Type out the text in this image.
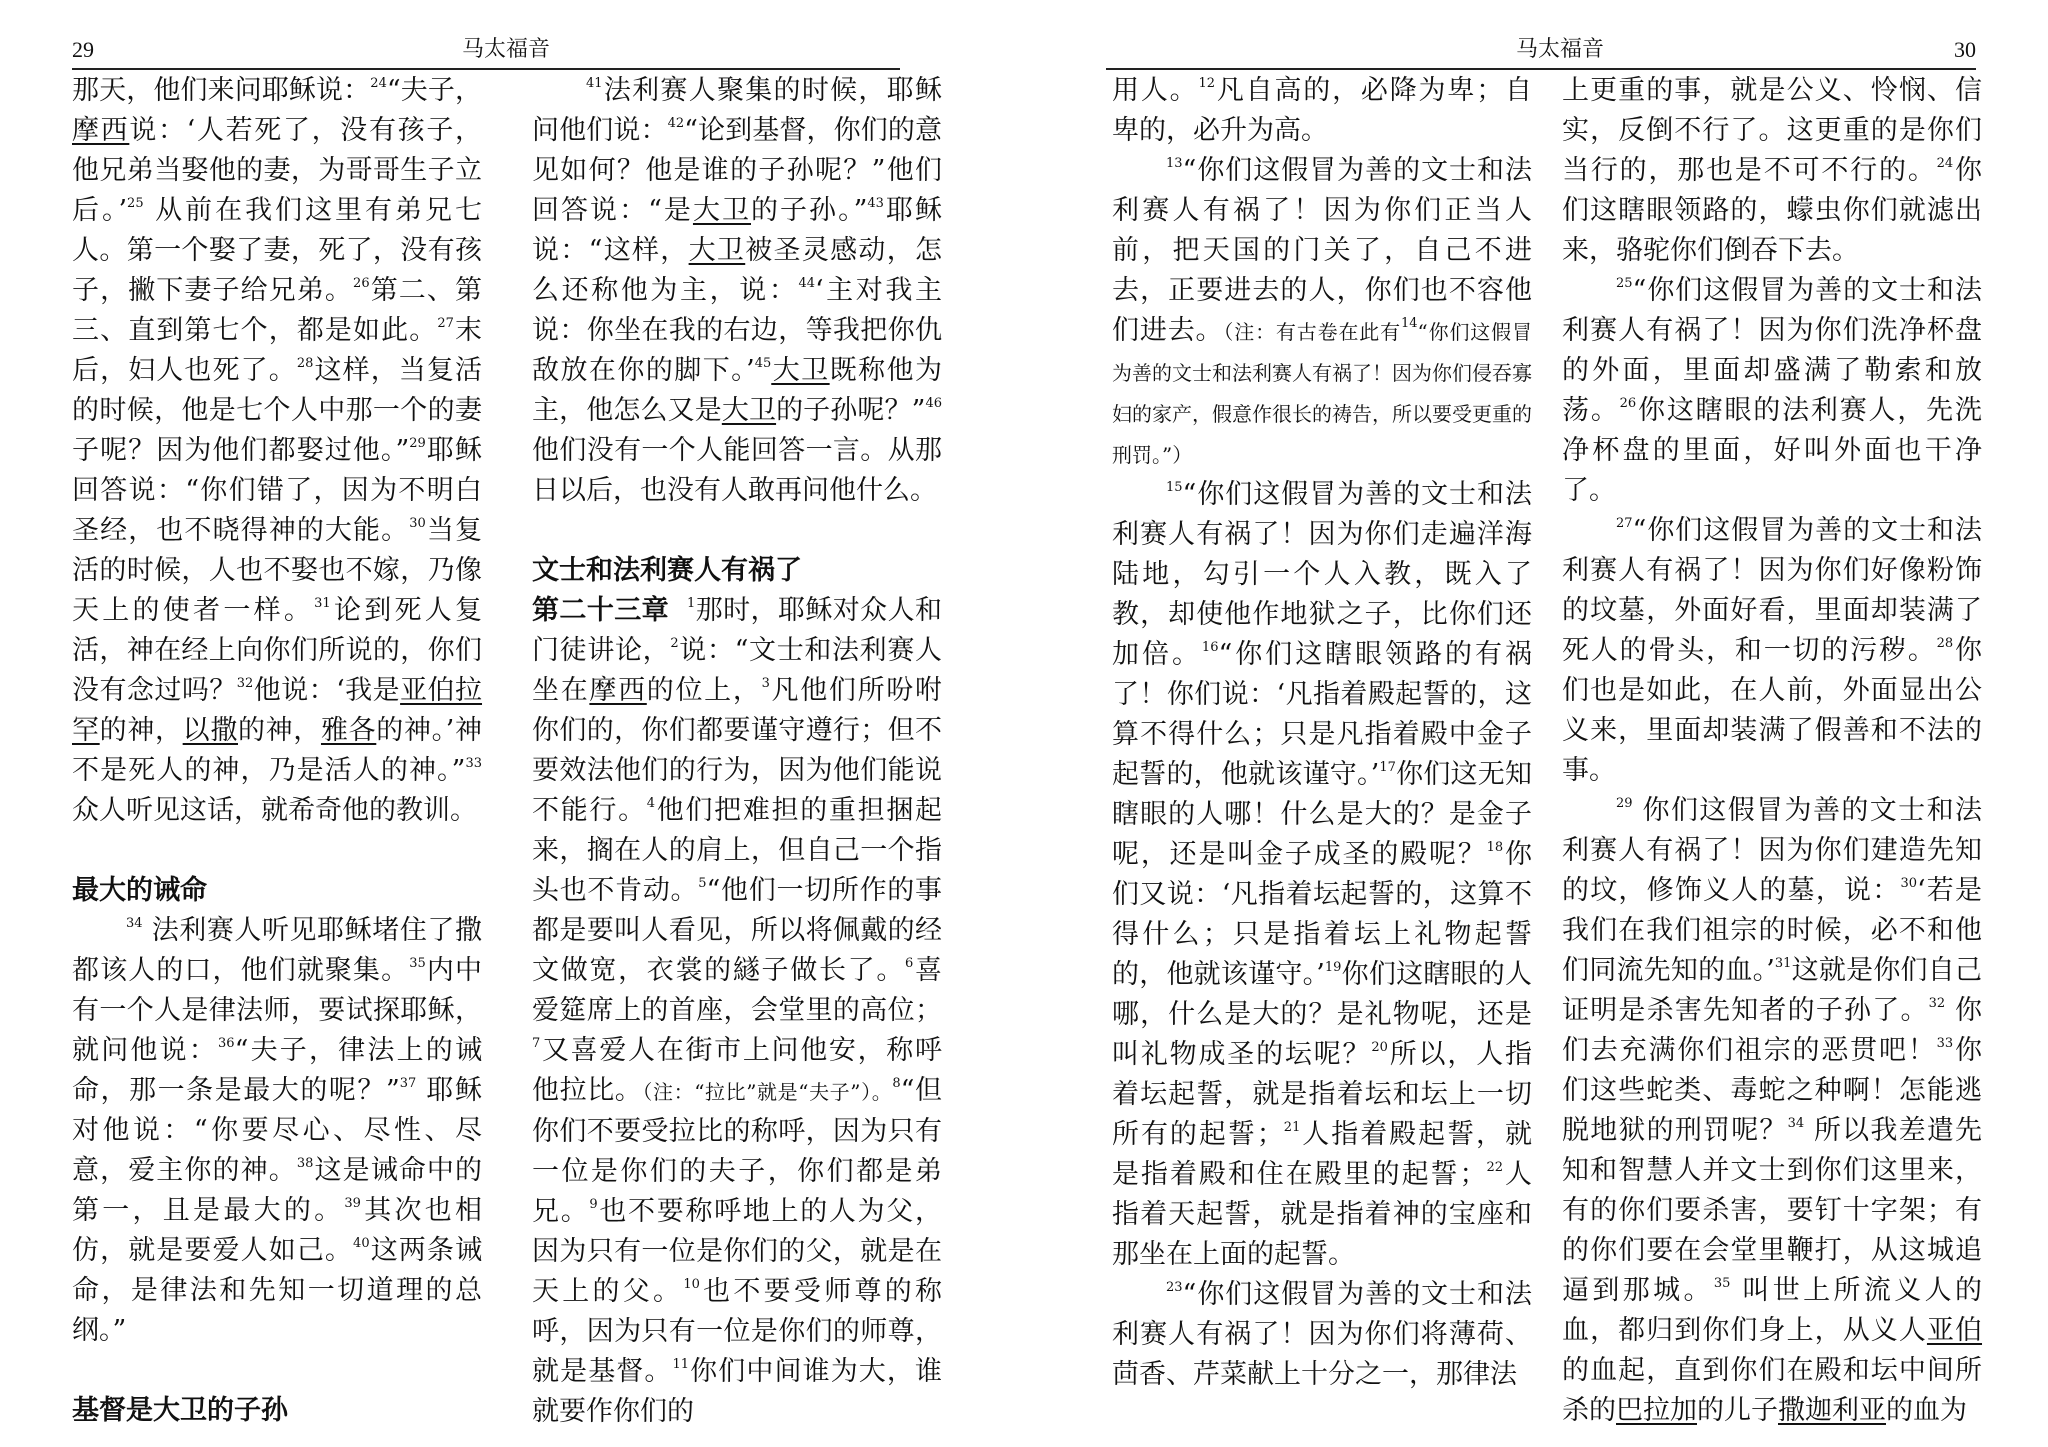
29	马太福音

那天，他们来问耶稣说：$^{24}$“夫子，摩西说：‘人若死了，没有孩子，他兄弟当娶他的妻，为哥哥生子立后。’$^{25}$ 从前在我们这里有弟兄七人。第一个娶了妻，死了，没有孩子，撇下妻子给兄弟。$^{26}$第二、第三、直到第七个，都是如此。$^{27}$末后，妇人也死了。$^{28}$这样，当复活的时候，他是七个人中那一个的妻子呢？因为他们都娶过他。”$^{29}$耶稣回答说：“你们错了，因为不明白圣经，也不晓得神的大能。$^{30}$当复活的时候，人也不娶也不嫁，乃像天上的使者一样。$^{31}$论到死人复活，神在经上向你们所说的，你们没有念过吗？$^{32}$他说：‘我是亚伯拉罕的神，以撒的神，雅各的神。’神不是死人的神，乃是活人的神。”$^{33}$众人听见这话，就希奇他的教训。

最大的诫命

$^{34}$ 法利赛人听见耶稣堵住了撒都该人的口，他们就聚集。$^{35}$内中有一个人是律法师，要试探耶稣，就问他说：$^{36}$“夫子，律法上的诫命，那一条是最大的呢？”$^{37}$ 耶稣对他说：“你要尽心、尽性、尽意，爱主你的神。$^{38}$这是诫命中的第一，且是最大的。$^{39}$其次也相仿，就是要爱人如己。$^{40}$这两条诫命，是律法和先知一切道理的总纲。”

基督是大卫的子孙

$^{41}$法利赛人聚集的时候，耶稣问他们说：$^{42}$“论到基督，你们的意见如何？他是谁的子孙呢？”他们回答说：“是大卫的子孙。”$^{43}$耶稣说：“这样，大卫被圣灵感动，怎么还称他为主，说：$^{44}$‘主对我主说：你坐在我的右边，等我把你仇敌放在你的脚下。’$^{45}$大卫既称他为主，他怎么又是大卫的子孙呢？”$^{46}$ 他们没有一个人能回答一言。从那日以后，也没有人敢再问他什么。

文士和法利赛人有祸了

第二十三章 $^1$那时，耶稣对众人和门徒讲论，$^2$说：“文士和法利赛人坐在摩西的位上，$^3$凡他们所吩咐你们的，你们都要谨守遵行；但不要效法他们的行为，因为他们能说不能行。$^4$他们把难担的重担捆起来，搁在人的肩上，但自己一个指头也不肯动。$^5$“他们一切所作的事都是要叫人看见，所以将佩戴的经文做宽，衣裳的繸子做长了。$^6$喜爱筵席上的首座，会堂里的高位；$^7$又喜爱人在街市上问他安，称呼他拉比。（注：“拉比”就是“夫子”）。$^8$“但你们不要受拉比的称呼，因为只有一位是你们的夫子，你们都是弟兄。$^9$也不要称呼地上的人为父，因为只有一位是你们的父，就是在天上的父。$^{10}$也不要受师尊的称呼，因为只有一位是你们的师尊，就是基督。$^{11}$你们中间谁为大，谁就要作你们的

马太福音	30

用人。$^{12}$凡自高的，必降为卑；自卑的，必升为高。

$^{13}$“你们这假冒为善的文士和法利赛人有祸了！因为你们正当人前，把天国的门关了，自己不进去，正要进去的人，你们也不容他们进去。（注：有古卷在此有$^{14}$“你们这假冒为善的文士和法利赛人有祸了！因为你们侵吞寡妇的家产，假意作很长的祷告，所以要受更重的刑罚。”）

$^{15}$“你们这假冒为善的文士和法利赛人有祸了！因为你们走遍洋海陆地，勾引一个人入教，既入了教，却使他作地狱之子，比你们还加倍。$^{16}$“你们这瞎眼领路的有祸了！你们说：‘凡指着殿起誓的，这算不得什么；只是凡指着殿中金子起誓的，他就该谨守。’$^{17}$你们这无知瞎眼的人哪！什么是大的？是金子呢，还是叫金子成圣的殿呢？$^{18}$你们又说：‘凡指着坛起誓的，这算不得什么；只是指着坛上礼物起誓的，他就该谨守。’$^{19}$你们这瞎眼的人哪，什么是大的？是礼物呢，还是叫礼物成圣的坛呢？$^{20}$所以，人指着坛起誓，就是指着坛和坛上一切所有的起誓；$^{21}$人指着殿起誓，就是指着殿和住在殿里的起誓；$^{22}$人指着天起誓，就是指着神的宝座和那坐在上面的起誓。

$^{23}$“你们这假冒为善的文士和法利赛人有祸了！因为你们将薄荷、茴香、芹菜献上十分之一，那律法

上更重的事，就是公义、怜悯、信实，反倒不行了。这更重的是你们当行的，那也是不可不行的。$^{24}$你们这瞎眼领路的，蠓虫你们就滤出来，骆驼你们倒吞下去。

$^{25}$“你们这假冒为善的文士和法利赛人有祸了！因为你们洗净杯盘的外面，里面却盛满了勒索和放荡。$^{26}$你这瞎眼的法利赛人，先洗净杯盘的里面，好叫外面也干净了。

$^{27}$“你们这假冒为善的文士和法利赛人有祸了！因为你们好像粉饰的坟墓，外面好看，里面却装满了死人的骨头，和一切的污秽。$^{28}$你们也是如此，在人前，外面显出公义来，里面却装满了假善和不法的事。

$^{29}$ 你们这假冒为善的文士和法利赛人有祸了！因为你们建造先知的坟，修饰义人的墓，说：$^{30}$‘若是我们在我们祖宗的时候，必不和他们同流先知的血。’$^{31}$这就是你们自己证明是杀害先知者的子孙了。$^{32}$ 你们去充满你们祖宗的恶贯吧！$^{33}$你们这些蛇类、毒蛇之种啊！怎能逃脱地狱的刑罚呢？$^{34}$ 所以我差遣先知和智慧人并文士到你们这里来，有的你们要杀害，要钉十字架；有的你们要在会堂里鞭打，从这城追逼到那城。$^{35}$ 叫世上所流义人的血，都归到你们身上，从义人亚伯的血起，直到你们在殿和坛中间所杀的巴拉加的儿子撒迦利亚的血为
